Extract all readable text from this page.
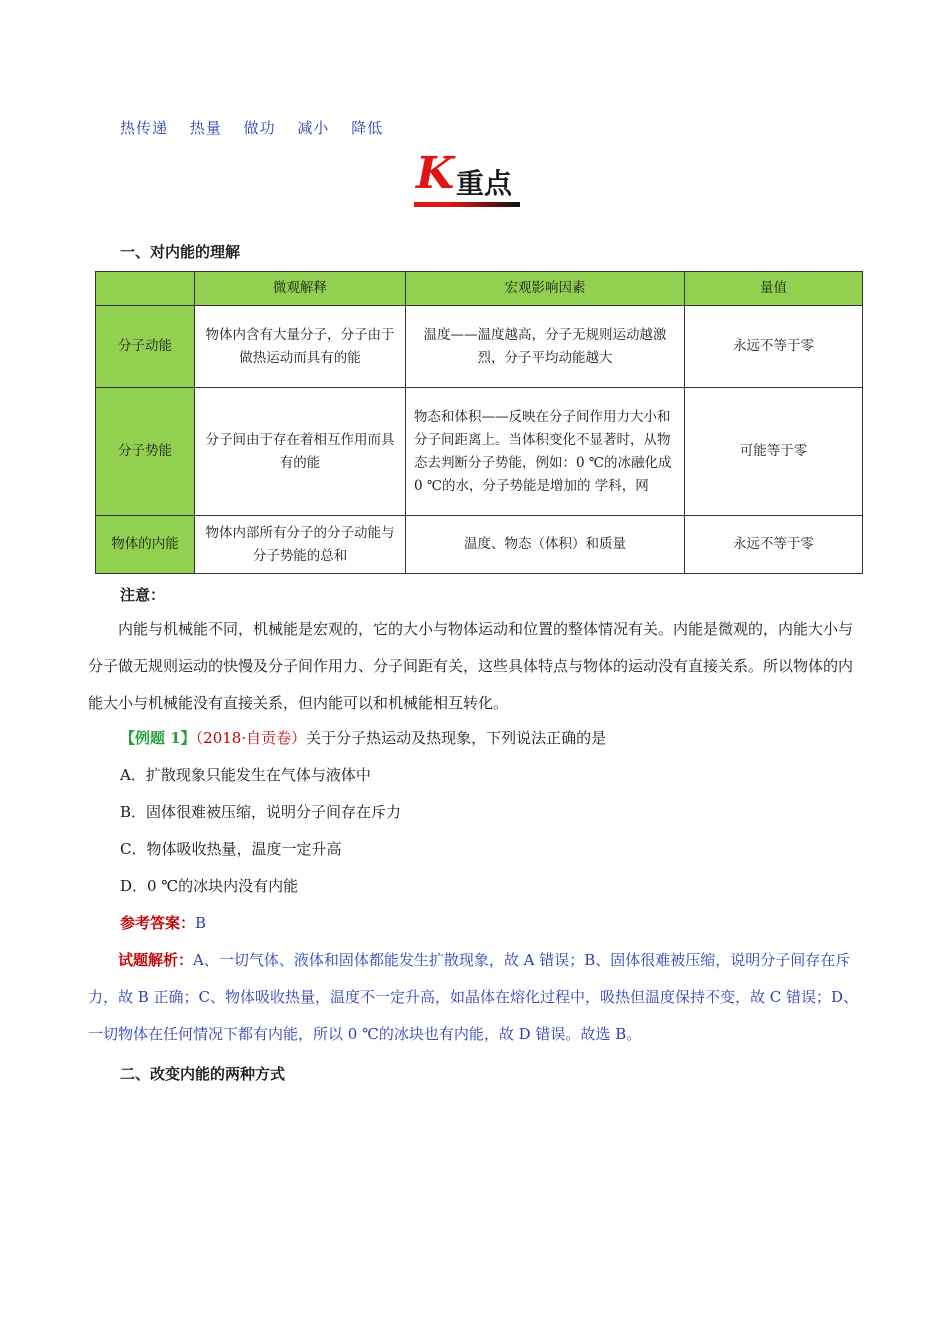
热传递 热量 做功 减小 降低
K 重点
一、对内能的理解
	微观解释	宏观影响因素	量值
分子动能	物体内含有大量分子，分子由于做热运动而具有的能	温度——温度越高，分子无规则运动越激烈，分子平均动能越大	永远不等于零
分子势能	分子间由于存在着相互作用而具有的能	物态和体积——反映在分子间作用力大小和分子间距离上。当体积变化不显著时，从物态去判断分子势能，例如：0 ℃的冰融化成 0 ℃的水，分子势能是增加的 学科，网	可能等于零
物体的内能	物体内部所有分子的分子动能与分子势能的总和	温度、物态（体积）和质量	永远不等于零
注意：
内能与机械能不同，机械能是宏观的，它的大小与物体运动和位置的整体情况有关。内能是微观的，内能大小与分子做无规则运动的快慢及分子间作用力、分子间距有关，这些具体特点与物体的运动没有直接关系。所以物体的内能大小与机械能没有直接关系，但内能可以和机械能相互转化。
【例题 1】（2018·自贡卷）关于分子热运动及热现象，下列说法正确的是
A．扩散现象只能发生在气体与液体中
B．固体很难被压缩，说明分子间存在斥力
C．物体吸收热量，温度一定升高
D．0 ℃的冰块内没有内能
参考答案：B
试题解析：A、一切气体、液体和固体都能发生扩散现象，故 A 错误；B、固体很难被压缩，说明分子间存在斥力，故 B 正确；C、物体吸收热量，温度不一定升高，如晶体在熔化过程中，吸热但温度保持不变，故 C 错误；D、一切物体在任何情况下都有内能，所以 0 ℃的冰块也有内能，故 D 错误。故选 B。
二、改变内能的两种方式
